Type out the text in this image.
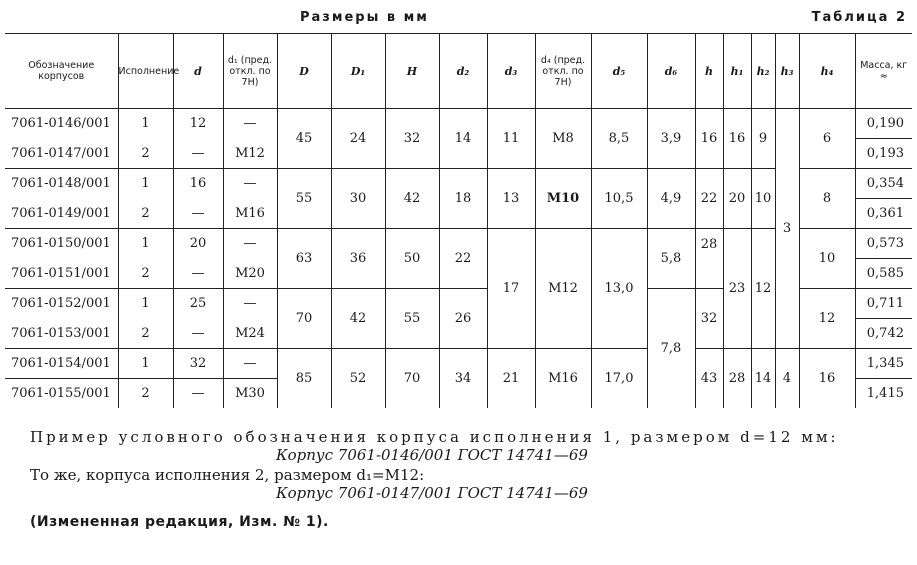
Размеры в мм	Таблица 2
Обозначение корпусов	Исполнение	d	d₁ (пред. откл. по 7Н)	D	D₁	H	d₂	d₃	d₄ (пред. откл. по 7Н)	d₅	d₆	h	h₁	h₂	h₃	h₄	Масса, кг ≈
7061-0146/001	1	12	—	45	24	32	14	11	М8	8,5	3,9	16	16	9	3	6	0,190
7061-0147/001	2	—	М12														0,193
7061-0148/001	1	16	—	55	30	42	18	13	М10	10,5	4,9	22	20	10		8	0,354
7061-0149/001	2	—	М16														0,361
7061-0150/001	1	20	—	63	36	50	22	17	М12	13,0	5,8	28	23	12		10	0,573
7061-0151/001	2	—	М20														0,585
7061-0152/001	1	25	—	70	42	55	26				7,8	32				12	0,711
7061-0153/001	2	—	М24														0,742
7061-0154/001	1	32	—	85	52	70	34	21	М16	17,0		43	28	14	4	16	1,345
7061-0155/001	2	—	М30														1,415
Пример условного обозначения корпуса исполнения 1, размером d=12 мм:
Корпус 7061-0146/001 ГОСТ 14741—69
То же, корпуса исполнения 2, размером d₁=М12:
Корпус 7061-0147/001 ГОСТ 14741—69
(Измененная редакция, Изм. № 1).
